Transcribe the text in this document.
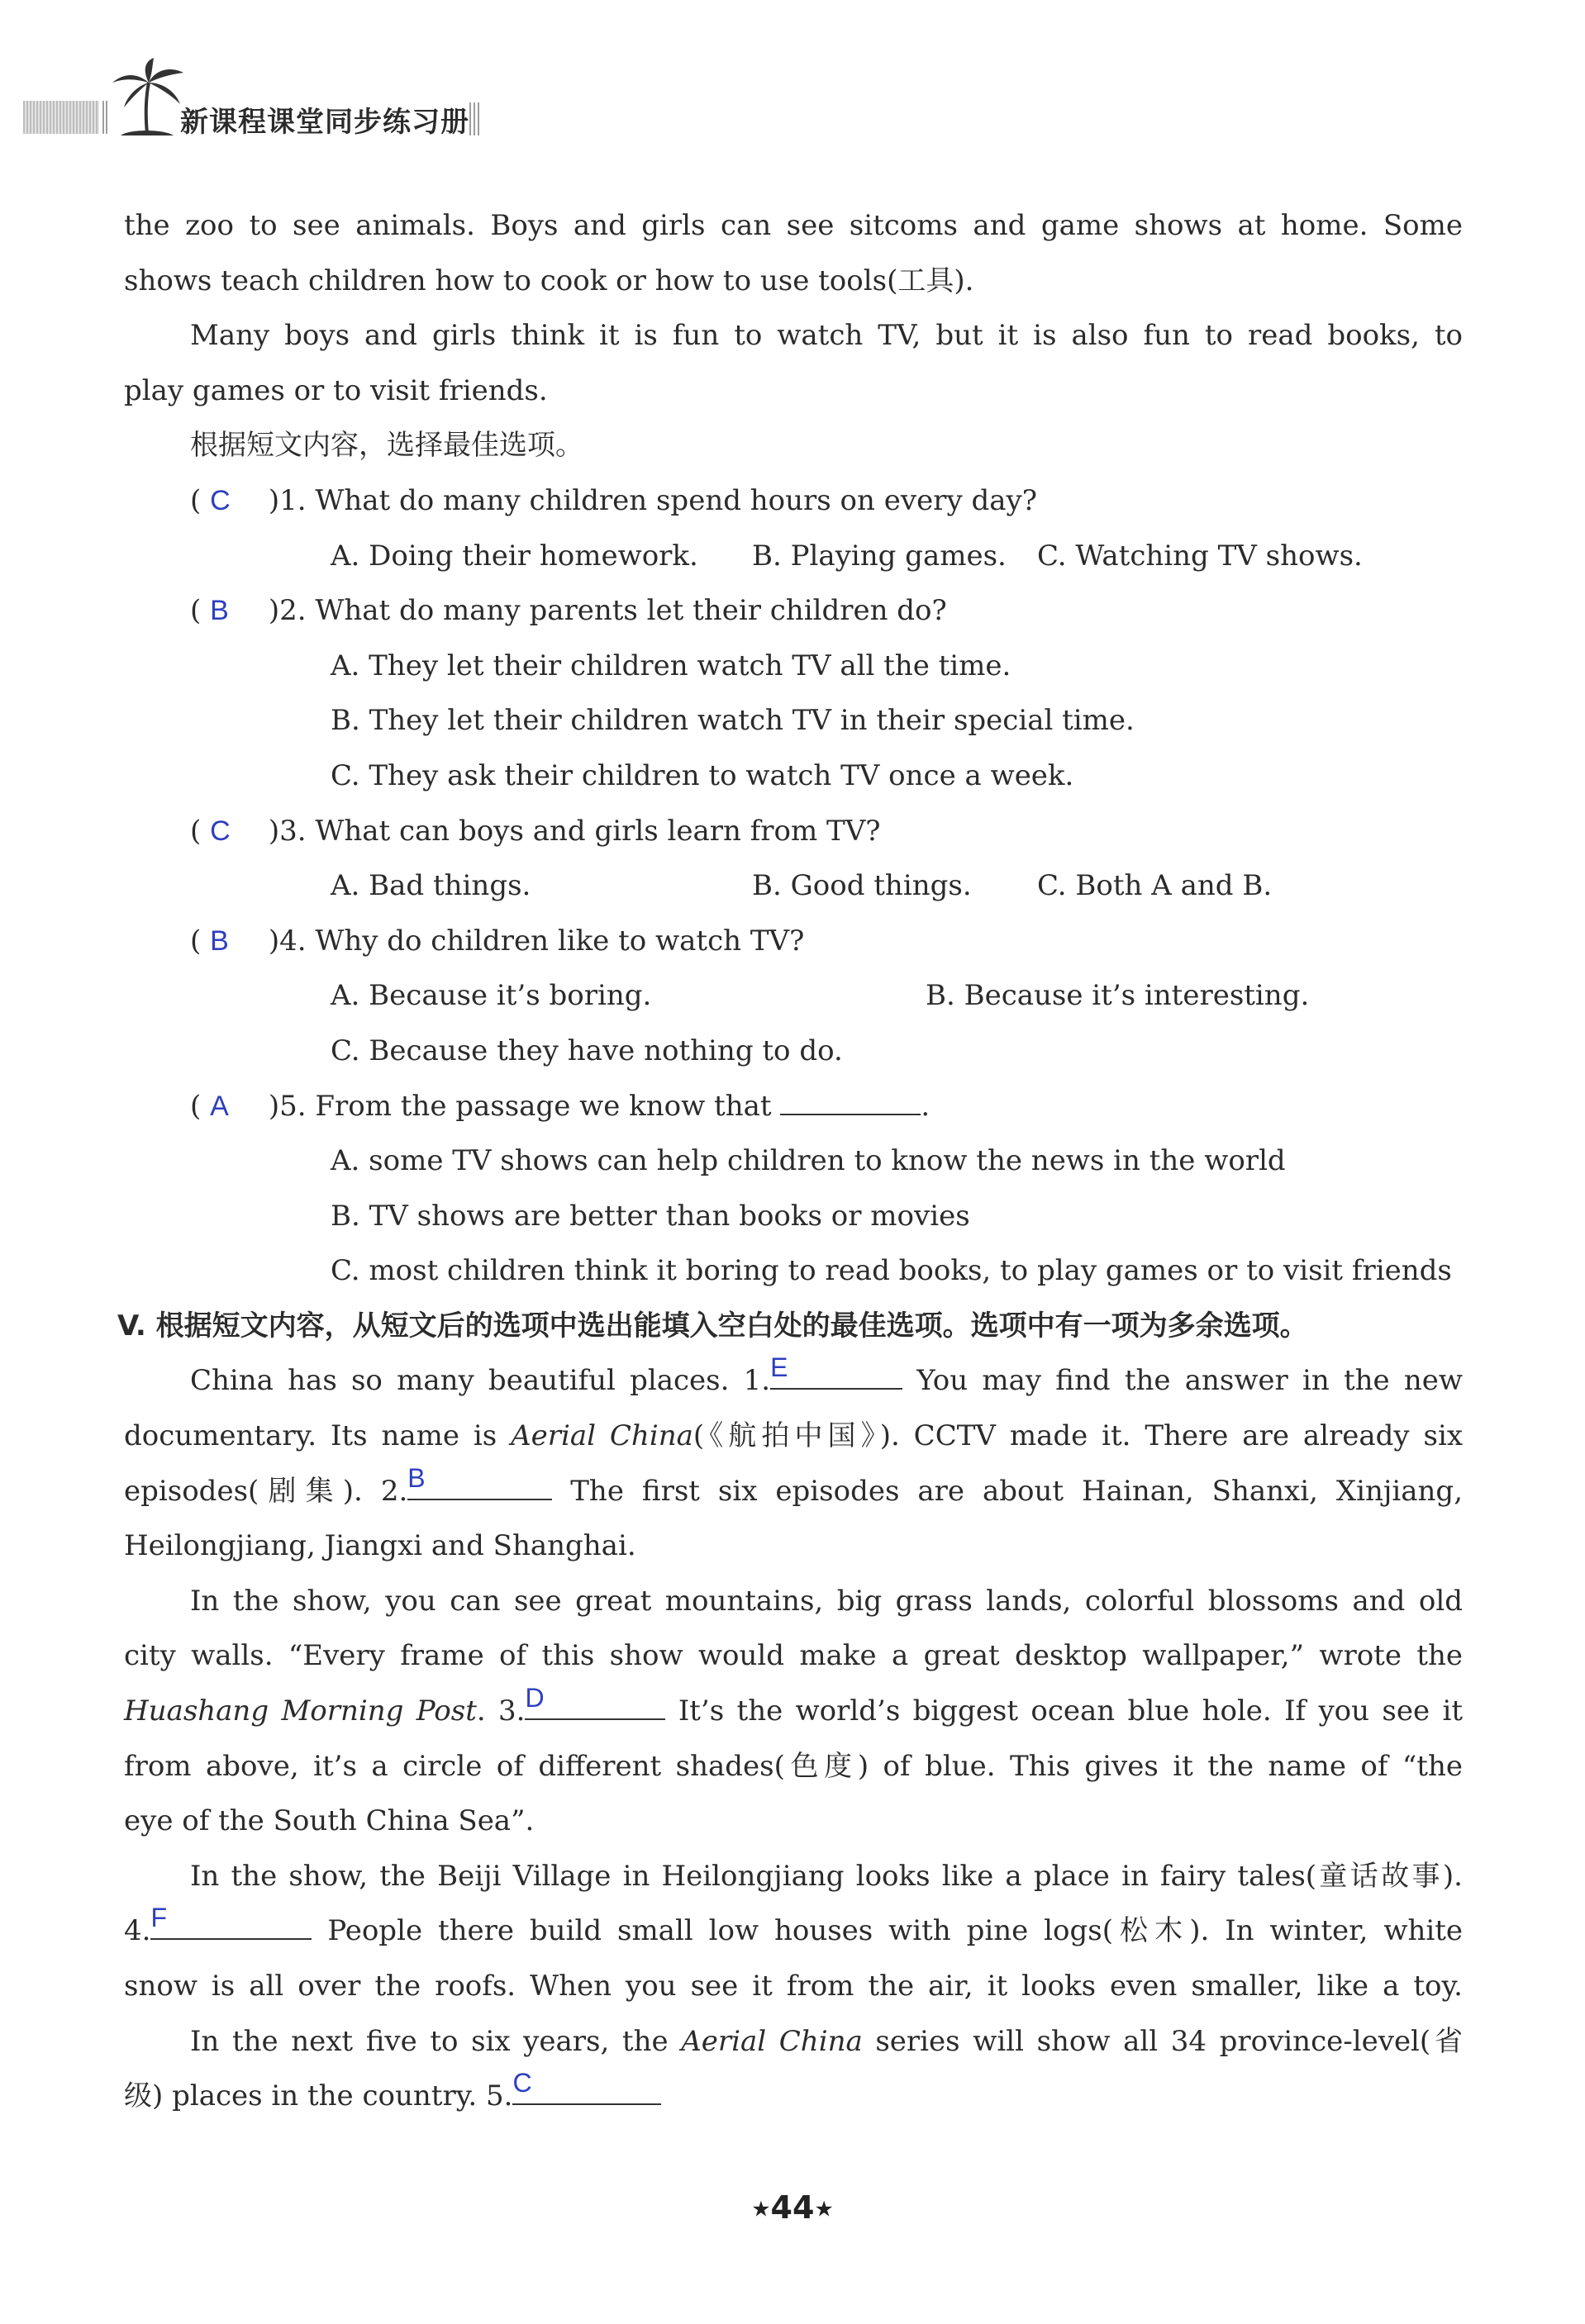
新课程课堂同步练习册
the zoo to see animals. Boys and girls can see sitcoms and game shows at home. Some
shows teach children how to cook or how to use tools(工具).
Many boys and girls think it is fun to watch TV, but it is also fun to read books, to
play games or to visit friends.
根据短文内容，选择最佳选项。
( C )1. What do many children spend hours on every day?
A. Doing their homework. B. Playing games. C. Watching TV shows.
( B )2. What do many parents let their children do?
A. They let their children watch TV all the time.
B. They let their children watch TV in their special time.
C. They ask their children to watch TV once a week.
( C )3. What can boys and girls learn from TV?
A. Bad things.	B. Good things. C. Both A and B.
( B )4. Why do children like to watch TV?
A. Because it’s boring.	B. Because it’s interesting.
C. Because they have nothing to do.
( A )5. From the passage we know that	.
A. some TV shows can help children to know the news in the world
B. TV shows are better than books or movies
C. most children think it boring to read books, to play games or to visit friends
V. 根据短文内容，从短文后的选项中选出能填入空白处的最佳选项。选项中有一项为多余选项。
China has so many beautiful places. 1. E	You may find the answer in the new
documentary. Its name is Aerial China(《航拍中国》). CCTV made it. There are already six
episodes(剧集). 2. B	The first six episodes are about Hainan, Shanxi, Xinjiang,
Heilongjiang, Jiangxi and Shanghai.
In the show, you can see great mountains, big grass lands, colorful blossoms and old
city walls. “Every frame of this show would make a great desktop wallpaper,” wrote the
Huashang Morning Post. 3. D	It’s the world’s biggest ocean blue hole. If you see it
from above, it’s a circle of different shades(色度) of blue. This gives it the name of “the
eye of the South China Sea”.
In the show, the Beiji Village in Heilongjiang looks like a place in fairy tales(童话故事).
4. F	People there build small low houses with pine logs(松木). In winter, white
snow is all over the roofs. When you see it from the air, it looks even smaller, like a toy.
In the next five to six years, the Aerial China series will show all 34 province-level(省
级) places in the country. 5. C
★44★
